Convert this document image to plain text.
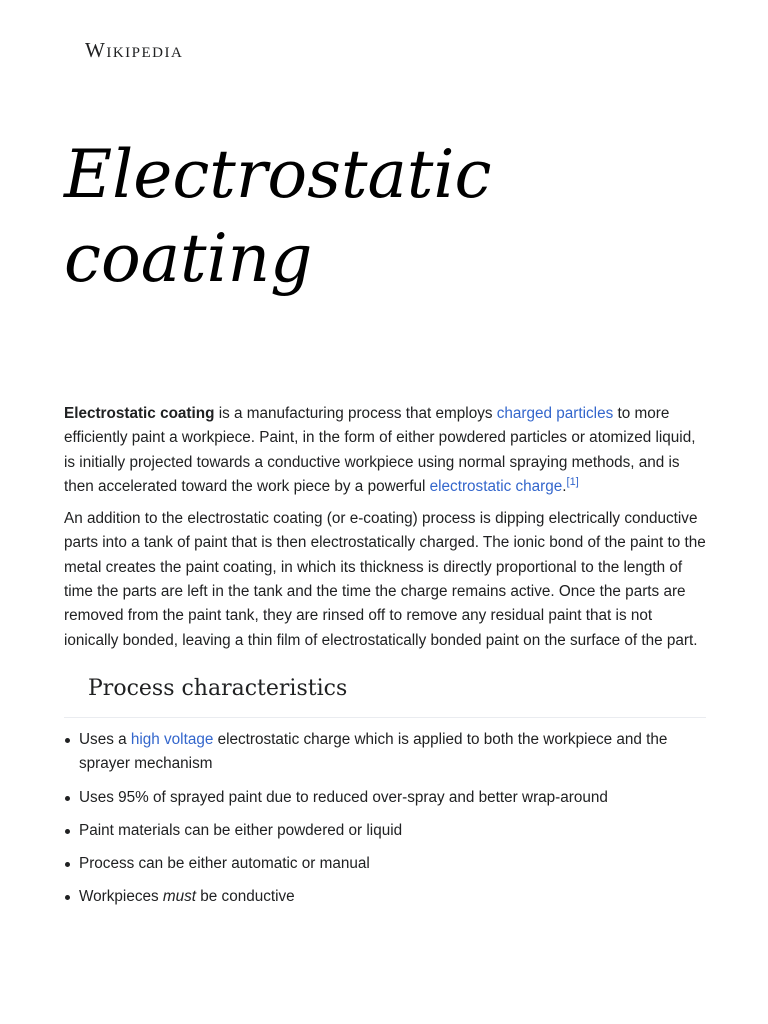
Wikipedia
Electrostatic
coating

Electrostatic coating is a manufacturing process that employs charged particles to more efficiently paint a workpiece. Paint, in the form of either powdered particles or atomized liquid, is initially projected towards a conductive workpiece using normal spraying methods, and is then accelerated toward the work piece by a powerful electrostatic charge.[1]

An addition to the electrostatic coating (or e-coating) process is dipping electrically conductive parts into a tank of paint that is then electrostatically charged. The ionic bond of the paint to the metal creates the paint coating, in which its thickness is directly proportional to the length of time the parts are left in the tank and the time the charge remains active. Once the parts are removed from the paint tank, they are rinsed off to remove any residual paint that is not ionically bonded, leaving a thin film of electrostatically bonded paint on the surface of the part.

Process characteristics
Uses a high voltage electrostatic charge which is applied to both the workpiece and the sprayer mechanism
Uses 95% of sprayed paint due to reduced over-spray and better wrap-around
Paint materials can be either powdered or liquid
Process can be either automatic or manual
Workpieces must be conductive
